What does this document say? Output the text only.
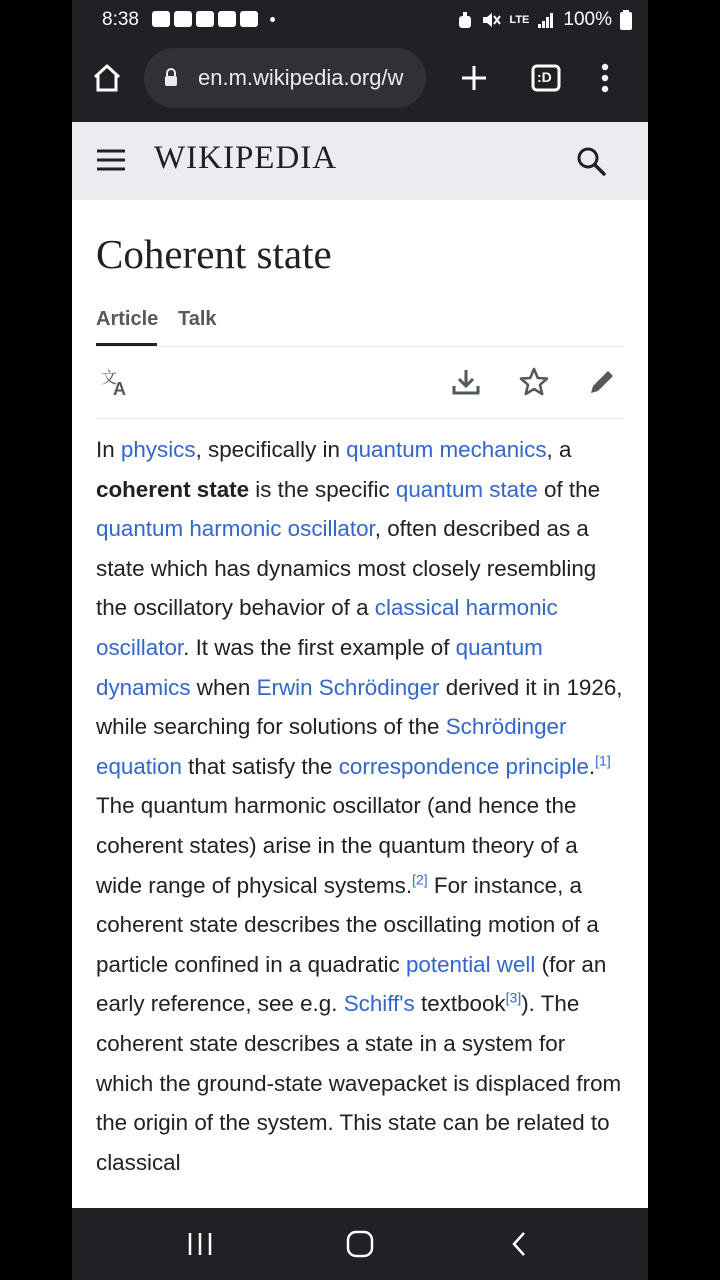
8:38	LTE 100%
en.m.wikipedia.org/w	:D
WIKIPEDIA
Coherent state
Article Talk
文
A
In physics, specifically in quantum mechanics, a coherent state is the specific quantum state of the quantum harmonic oscillator, often described as a state which has dynamics most closely resembling the oscillatory behavior of a classical harmonic oscillator. It was the first example of quantum dynamics when Erwin Schrödinger derived it in 1926, while searching for solutions of the Schrödinger equation that satisfy the correspondence principle.[1] The quantum harmonic oscillator (and hence the coherent states) arise in the quantum theory of a wide range of physical systems.[2] For instance, a coherent state describes the oscillating motion of a particle confined in a quadratic potential well (for an early reference, see e.g. Schiff's textbook[3]). The coherent state describes a state in a system for which the ground-state wavepacket is displaced from the origin of the system. This state can be related to classical
